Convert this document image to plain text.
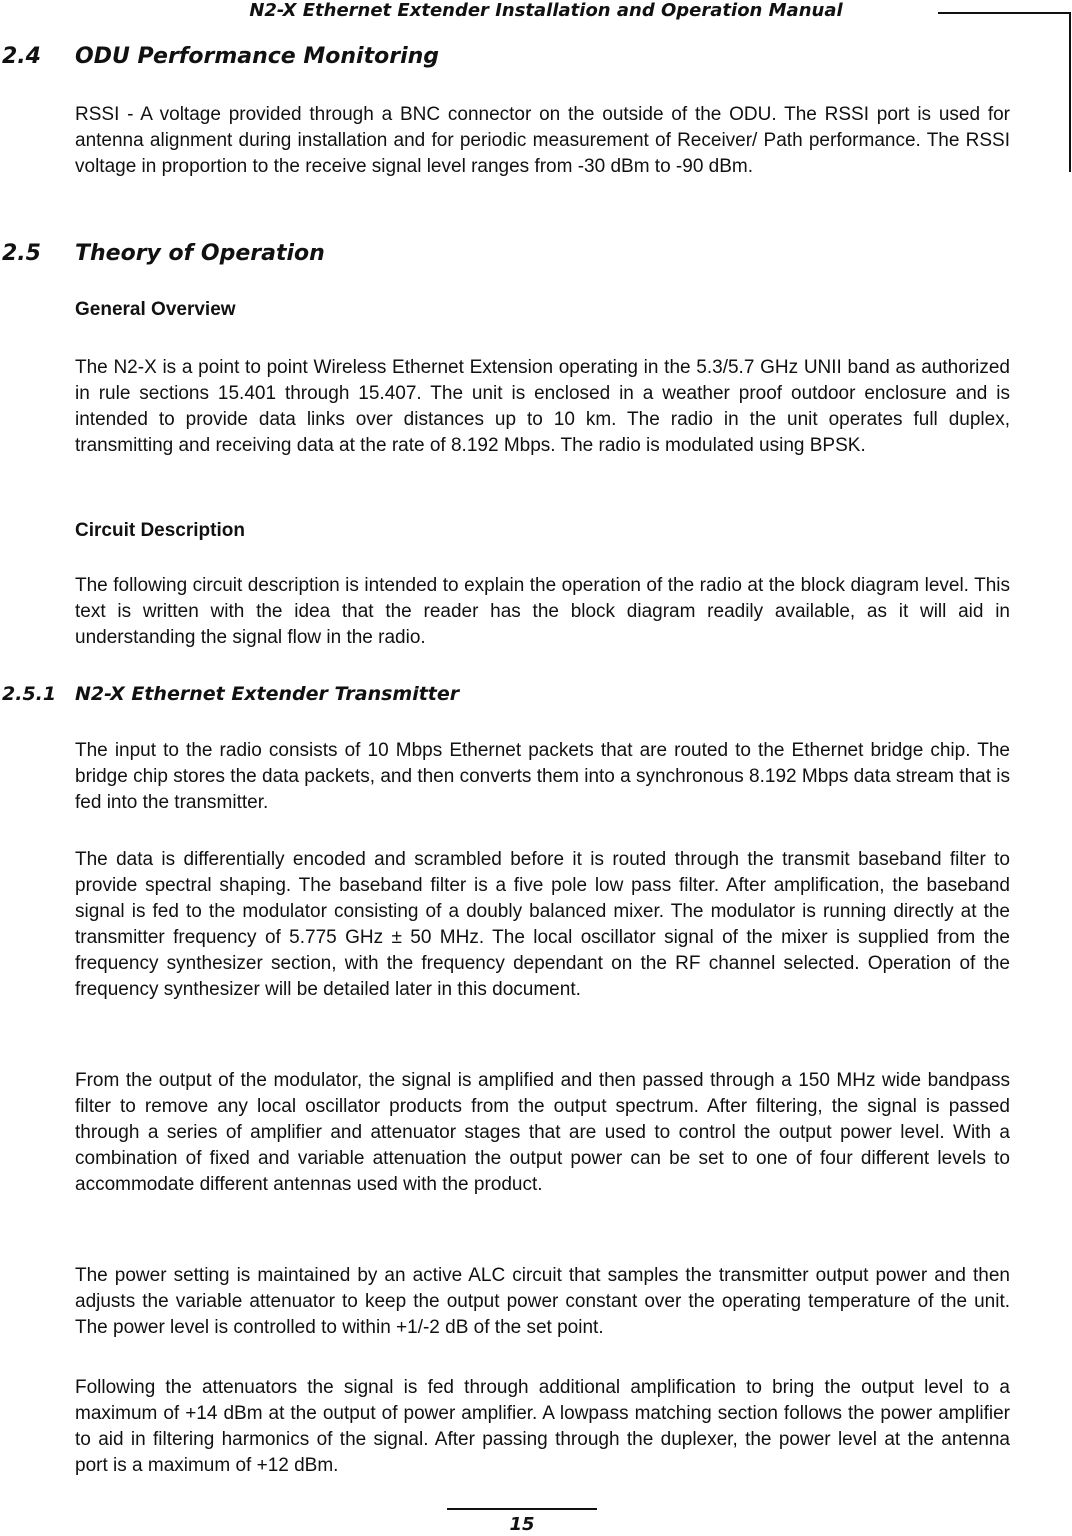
N2-X Ethernet Extender Installation and Operation Manual
2.4 ODU Performance Monitoring

RSSI - A voltage provided through a BNC connector on the outside of the ODU. The RSSI port is used for antenna alignment during installation and for periodic measurement of Receiver/ Path performance. The RSSI voltage in proportion to the receive signal level ranges from -30 dBm to -90 dBm.

2.5 Theory of Operation
General Overview

The N2-X is a point to point Wireless Ethernet Extension operating in the 5.3/5.7 GHz UNII band as authorized in rule sections 15.401 through 15.407. The unit is enclosed in a weather proof outdoor enclosure and is intended to provide data links over distances up to 10 km. The radio in the unit operates full duplex, transmitting and receiving data at the rate of 8.192 Mbps. The radio is modulated using BPSK.

Circuit Description

The following circuit description is intended to explain the operation of the radio at the block diagram level. This text is written with the idea that the reader has the block diagram readily available, as it will aid in understanding the signal flow in the radio.

2.5.1 N2-X Ethernet Extender Transmitter

The input to the radio consists of 10 Mbps Ethernet packets that are routed to the Ethernet bridge chip. The bridge chip stores the data packets, and then converts them into a synchronous 8.192 Mbps data stream that is fed into the transmitter.

The data is differentially encoded and scrambled before it is routed through the transmit baseband filter to provide spectral shaping. The baseband filter is a five pole low pass filter. After amplification, the baseband signal is fed to the modulator consisting of a doubly balanced mixer. The modulator is running directly at the transmitter frequency of 5.775 GHz ± 50 MHz. The local oscillator signal of the mixer is supplied from the frequency synthesizer section, with the frequency dependant on the RF channel selected. Operation of the frequency synthesizer will be detailed later in this document.

From the output of the modulator, the signal is amplified and then passed through a 150 MHz wide bandpass filter to remove any local oscillator products from the output spectrum. After filtering, the signal is passed through a series of amplifier and attenuator stages that are used to control the output power level. With a combination of fixed and variable attenuation the output power can be set to one of four different levels to accommodate different antennas used with the product.

The power setting is maintained by an active ALC circuit that samples the transmitter output power and then adjusts the variable attenuator to keep the output power constant over the operating temperature of the unit. The power level is controlled to within +1/-2 dB of the set point.

Following the attenuators the signal is fed through additional amplification to bring the output level to a maximum of +14 dBm at the output of power amplifier. A lowpass matching section follows the power amplifier to aid in filtering harmonics of the signal. After passing through the duplexer, the power level at the antenna port is a maximum of +12 dBm.

15
